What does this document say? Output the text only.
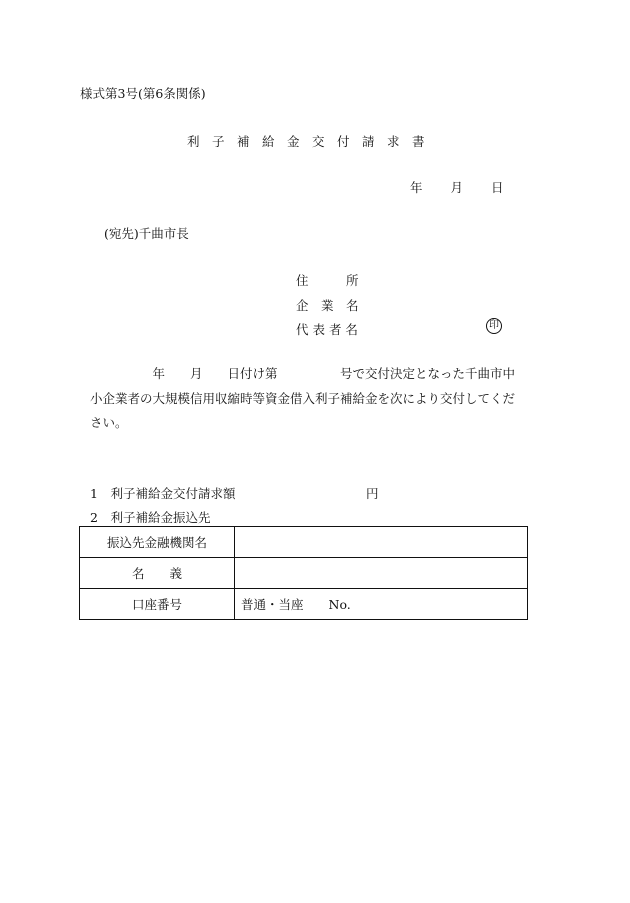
様式第3号(第6条関係)
利子補給金交付請求書
年 月 日
(宛先)千曲市長
住　　　所
企　業　名
代 表 者 名	印
　　　　　年　　月　　日付け第　　　　　号で交付決定となった千曲市中
小企業者の大規模信用収縮時等資金借入利子補給金を次により交付してくだ
さい。
1　利子補給金交付請求額	円
2　利子補給金振込先
振込先金融機関名	
名　　義	
口座番号	普通・当座　　No.
